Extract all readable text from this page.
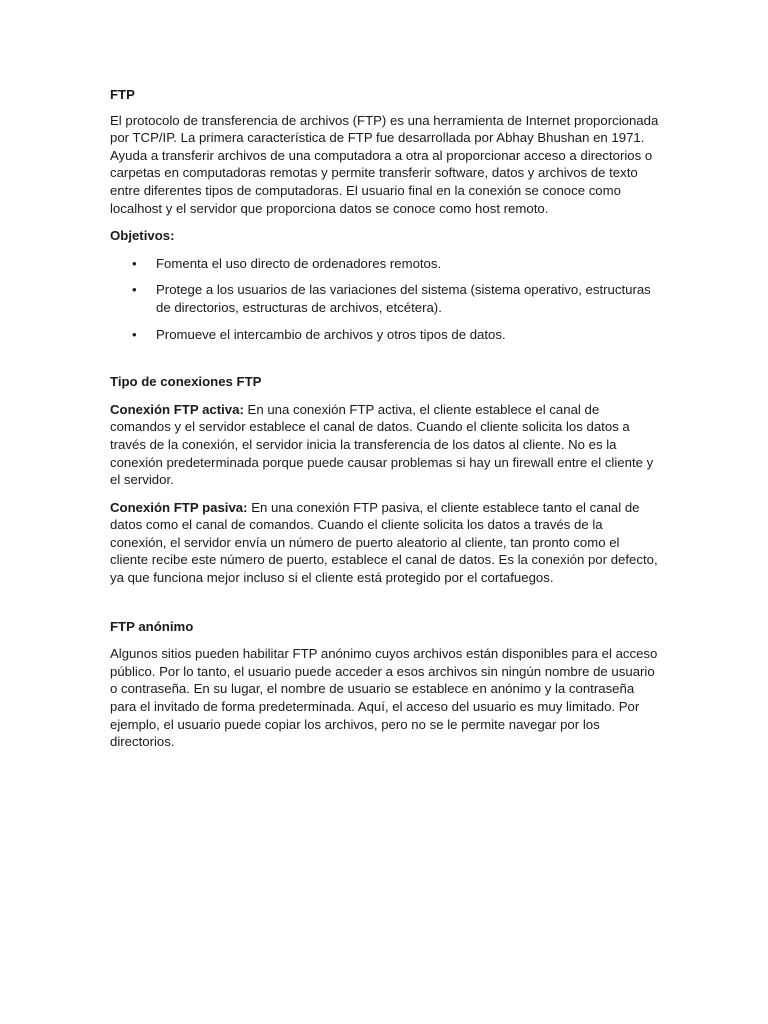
FTP

El protocolo de transferencia de archivos (FTP) es una herramienta de Internet proporcionada por TCP/IP. La primera característica de FTP fue desarrollada por Abhay Bhushan en 1971. Ayuda a transferir archivos de una computadora a otra al proporcionar acceso a directorios o carpetas en computadoras remotas y permite transferir software, datos y archivos de texto entre diferentes tipos de computadoras. El usuario final en la conexión se conoce como localhost y el servidor que proporciona datos se conoce como host remoto.

Objetivos:

• Fomenta el uso directo de ordenadores remotos.
• Protege a los usuarios de las variaciones del sistema (sistema operativo, estructuras de directorios, estructuras de archivos, etcétera).
• Promueve el intercambio de archivos y otros tipos de datos.

Tipo de conexiones FTP

Conexión FTP activa: En una conexión FTP activa, el cliente establece el canal de comandos y el servidor establece el canal de datos. Cuando el cliente solicita los datos a través de la conexión, el servidor inicia la transferencia de los datos al cliente. No es la conexión predeterminada porque puede causar problemas si hay un firewall entre el cliente y el servidor.

Conexión FTP pasiva: En una conexión FTP pasiva, el cliente establece tanto el canal de datos como el canal de comandos. Cuando el cliente solicita los datos a través de la conexión, el servidor envía un número de puerto aleatorio al cliente, tan pronto como el cliente recibe este número de puerto, establece el canal de datos. Es la conexión por defecto, ya que funciona mejor incluso si el cliente está protegido por el cortafuegos.

FTP anónimo

Algunos sitios pueden habilitar FTP anónimo cuyos archivos están disponibles para el acceso público. Por lo tanto, el usuario puede acceder a esos archivos sin ningún nombre de usuario o contraseña. En su lugar, el nombre de usuario se establece en anónimo y la contraseña para el invitado de forma predeterminada. Aquí, el acceso del usuario es muy limitado. Por ejemplo, el usuario puede copiar los archivos, pero no se le permite navegar por los directorios.
